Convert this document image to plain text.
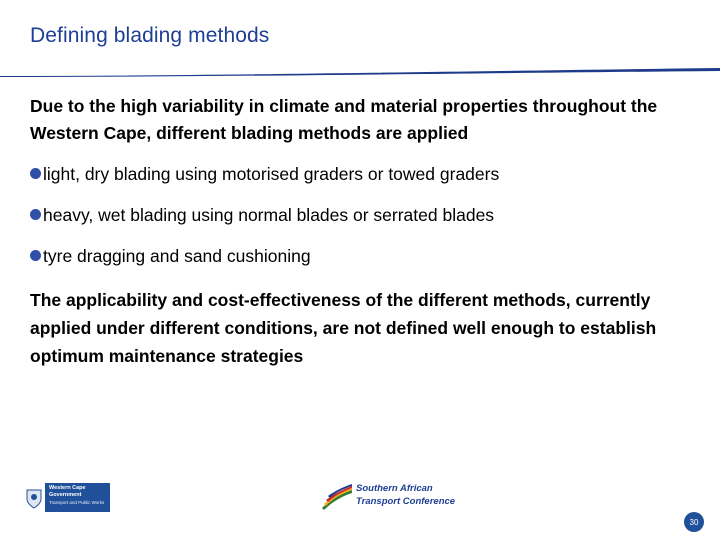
Defining blading methods
Due to the high variability in climate and material properties throughout the Western Cape, different blading methods are applied
light, dry blading using motorised graders or towed graders
heavy, wet blading using normal blades or serrated blades
tyre dragging and sand cushioning
The applicability and cost-effectiveness of the different methods, currently applied under different conditions, are not defined well enough to establish optimum maintenance strategies
Western Cape
Government
Transport and Public Works
Southern African
Transport Conference
30
